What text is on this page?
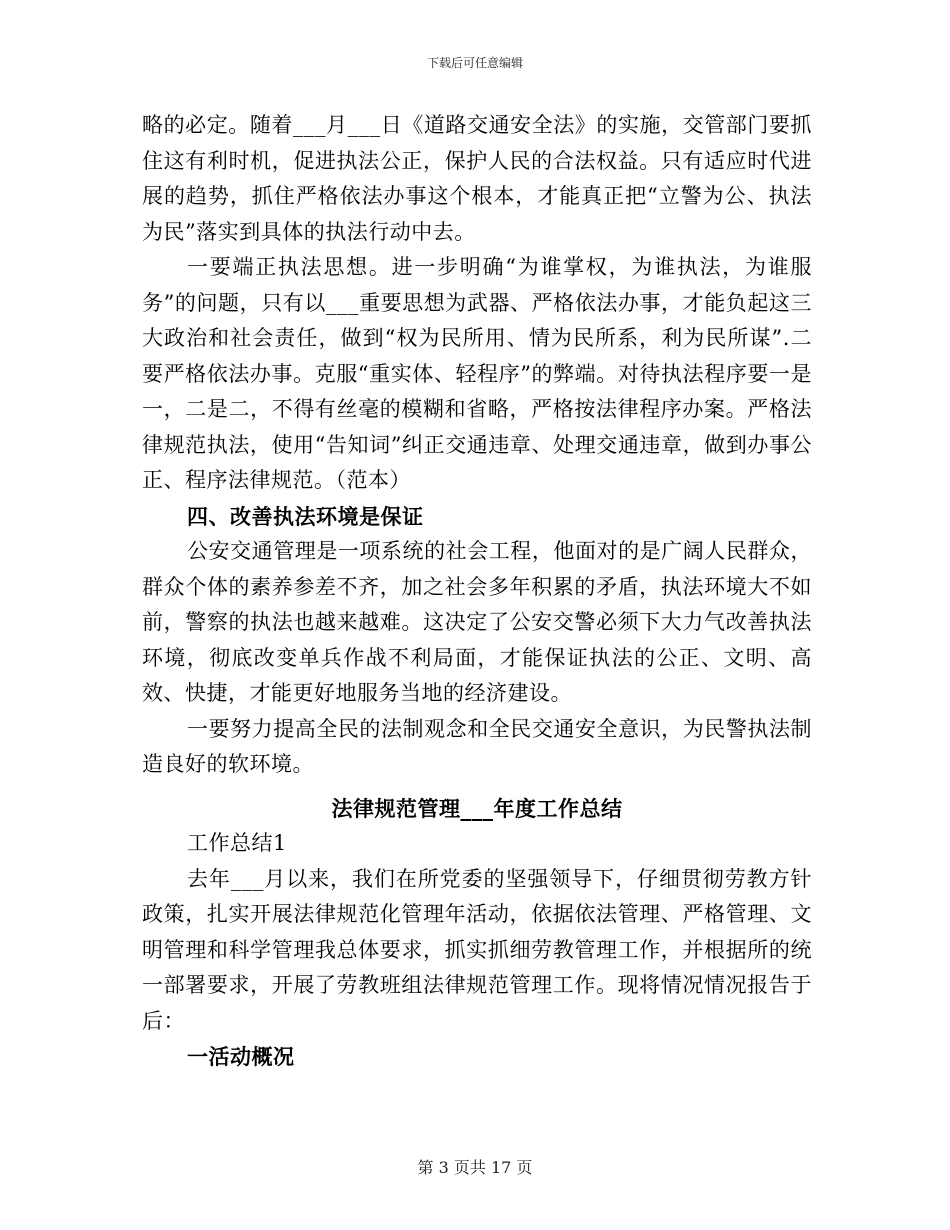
下载后可任意编辑

略的必定。随着___月___日《道路交通安全法》的实施，交管部门要抓住这有利时机，促进执法公正，保护人民的合法权益。只有适应时代进展的趋势，抓住严格依法办事这个根本，才能真正把“立警为公、执法为民”落实到具体的执法行动中去。

一要端正执法思想。进一步明确“为谁掌权，为谁执法，为谁服务”的问题，只有以___重要思想为武器、严格依法办事，才能负起这三大政治和社会责任，做到“权为民所用、情为民所系，利为民所谋”.二要严格依法办事。克服“重实体、轻程序”的弊端。对待执法程序要一是一，二是二，不得有丝毫的模糊和省略，严格按法律程序办案。严格法律规范执法，使用“告知词”纠正交通违章、处理交通违章，做到办事公正、程序法律规范。（范本）

四、改善执法环境是保证

公安交通管理是一项系统的社会工程，他面对的是广阔人民群众，群众个体的素养参差不齐，加之社会多年积累的矛盾，执法环境大不如前，警察的执法也越来越难。这决定了公安交警必须下大力气改善执法环境，彻底改变单兵作战不利局面，才能保证执法的公正、文明、高效、快捷，才能更好地服务当地的经济建设。

一要努力提高全民的法制观念和全民交通安全意识，为民警执法制造良好的软环境。

法律规范管理___年度工作总结

工作总结1

去年___月以来，我们在所党委的坚强领导下，仔细贯彻劳教方针政策，扎实开展法律规范化管理年活动，依据依法管理、严格管理、文明管理和科学管理我总体要求，抓实抓细劳教管理工作，并根据所的统一部署要求，开展了劳教班组法律规范管理工作。现将情况情况报告于后：

一活动概况

第 3 页共 17 页
